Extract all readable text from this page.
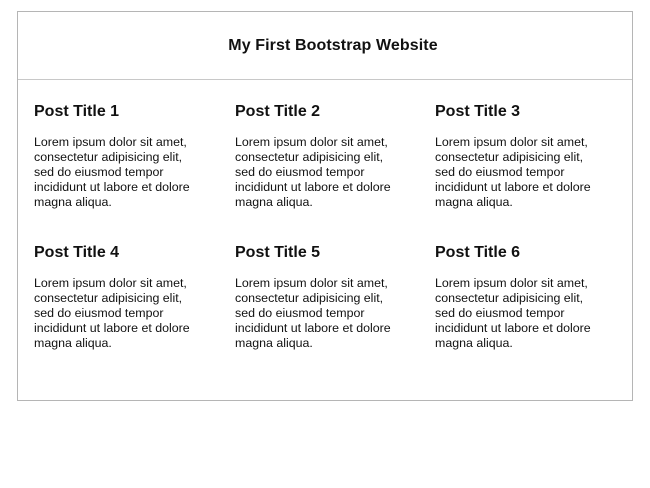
My First Bootstrap Website
Post Title 1

Lorem ipsum dolor sit amet, consectetur adipisicing elit, sed do eiusmod tempor incididunt ut labore et dolore magna aliqua.

Post Title 2

Lorem ipsum dolor sit amet, consectetur adipisicing elit, sed do eiusmod tempor incididunt ut labore et dolore magna aliqua.

Post Title 3

Lorem ipsum dolor sit amet, consectetur adipisicing elit, sed do eiusmod tempor incididunt ut labore et dolore magna aliqua.

Post Title 4

Lorem ipsum dolor sit amet, consectetur adipisicing elit, sed do eiusmod tempor incididunt ut labore et dolore magna aliqua.

Post Title 5

Lorem ipsum dolor sit amet, consectetur adipisicing elit, sed do eiusmod tempor incididunt ut labore et dolore magna aliqua.

Post Title 6

Lorem ipsum dolor sit amet, consectetur adipisicing elit, sed do eiusmod tempor incididunt ut labore et dolore magna aliqua.
